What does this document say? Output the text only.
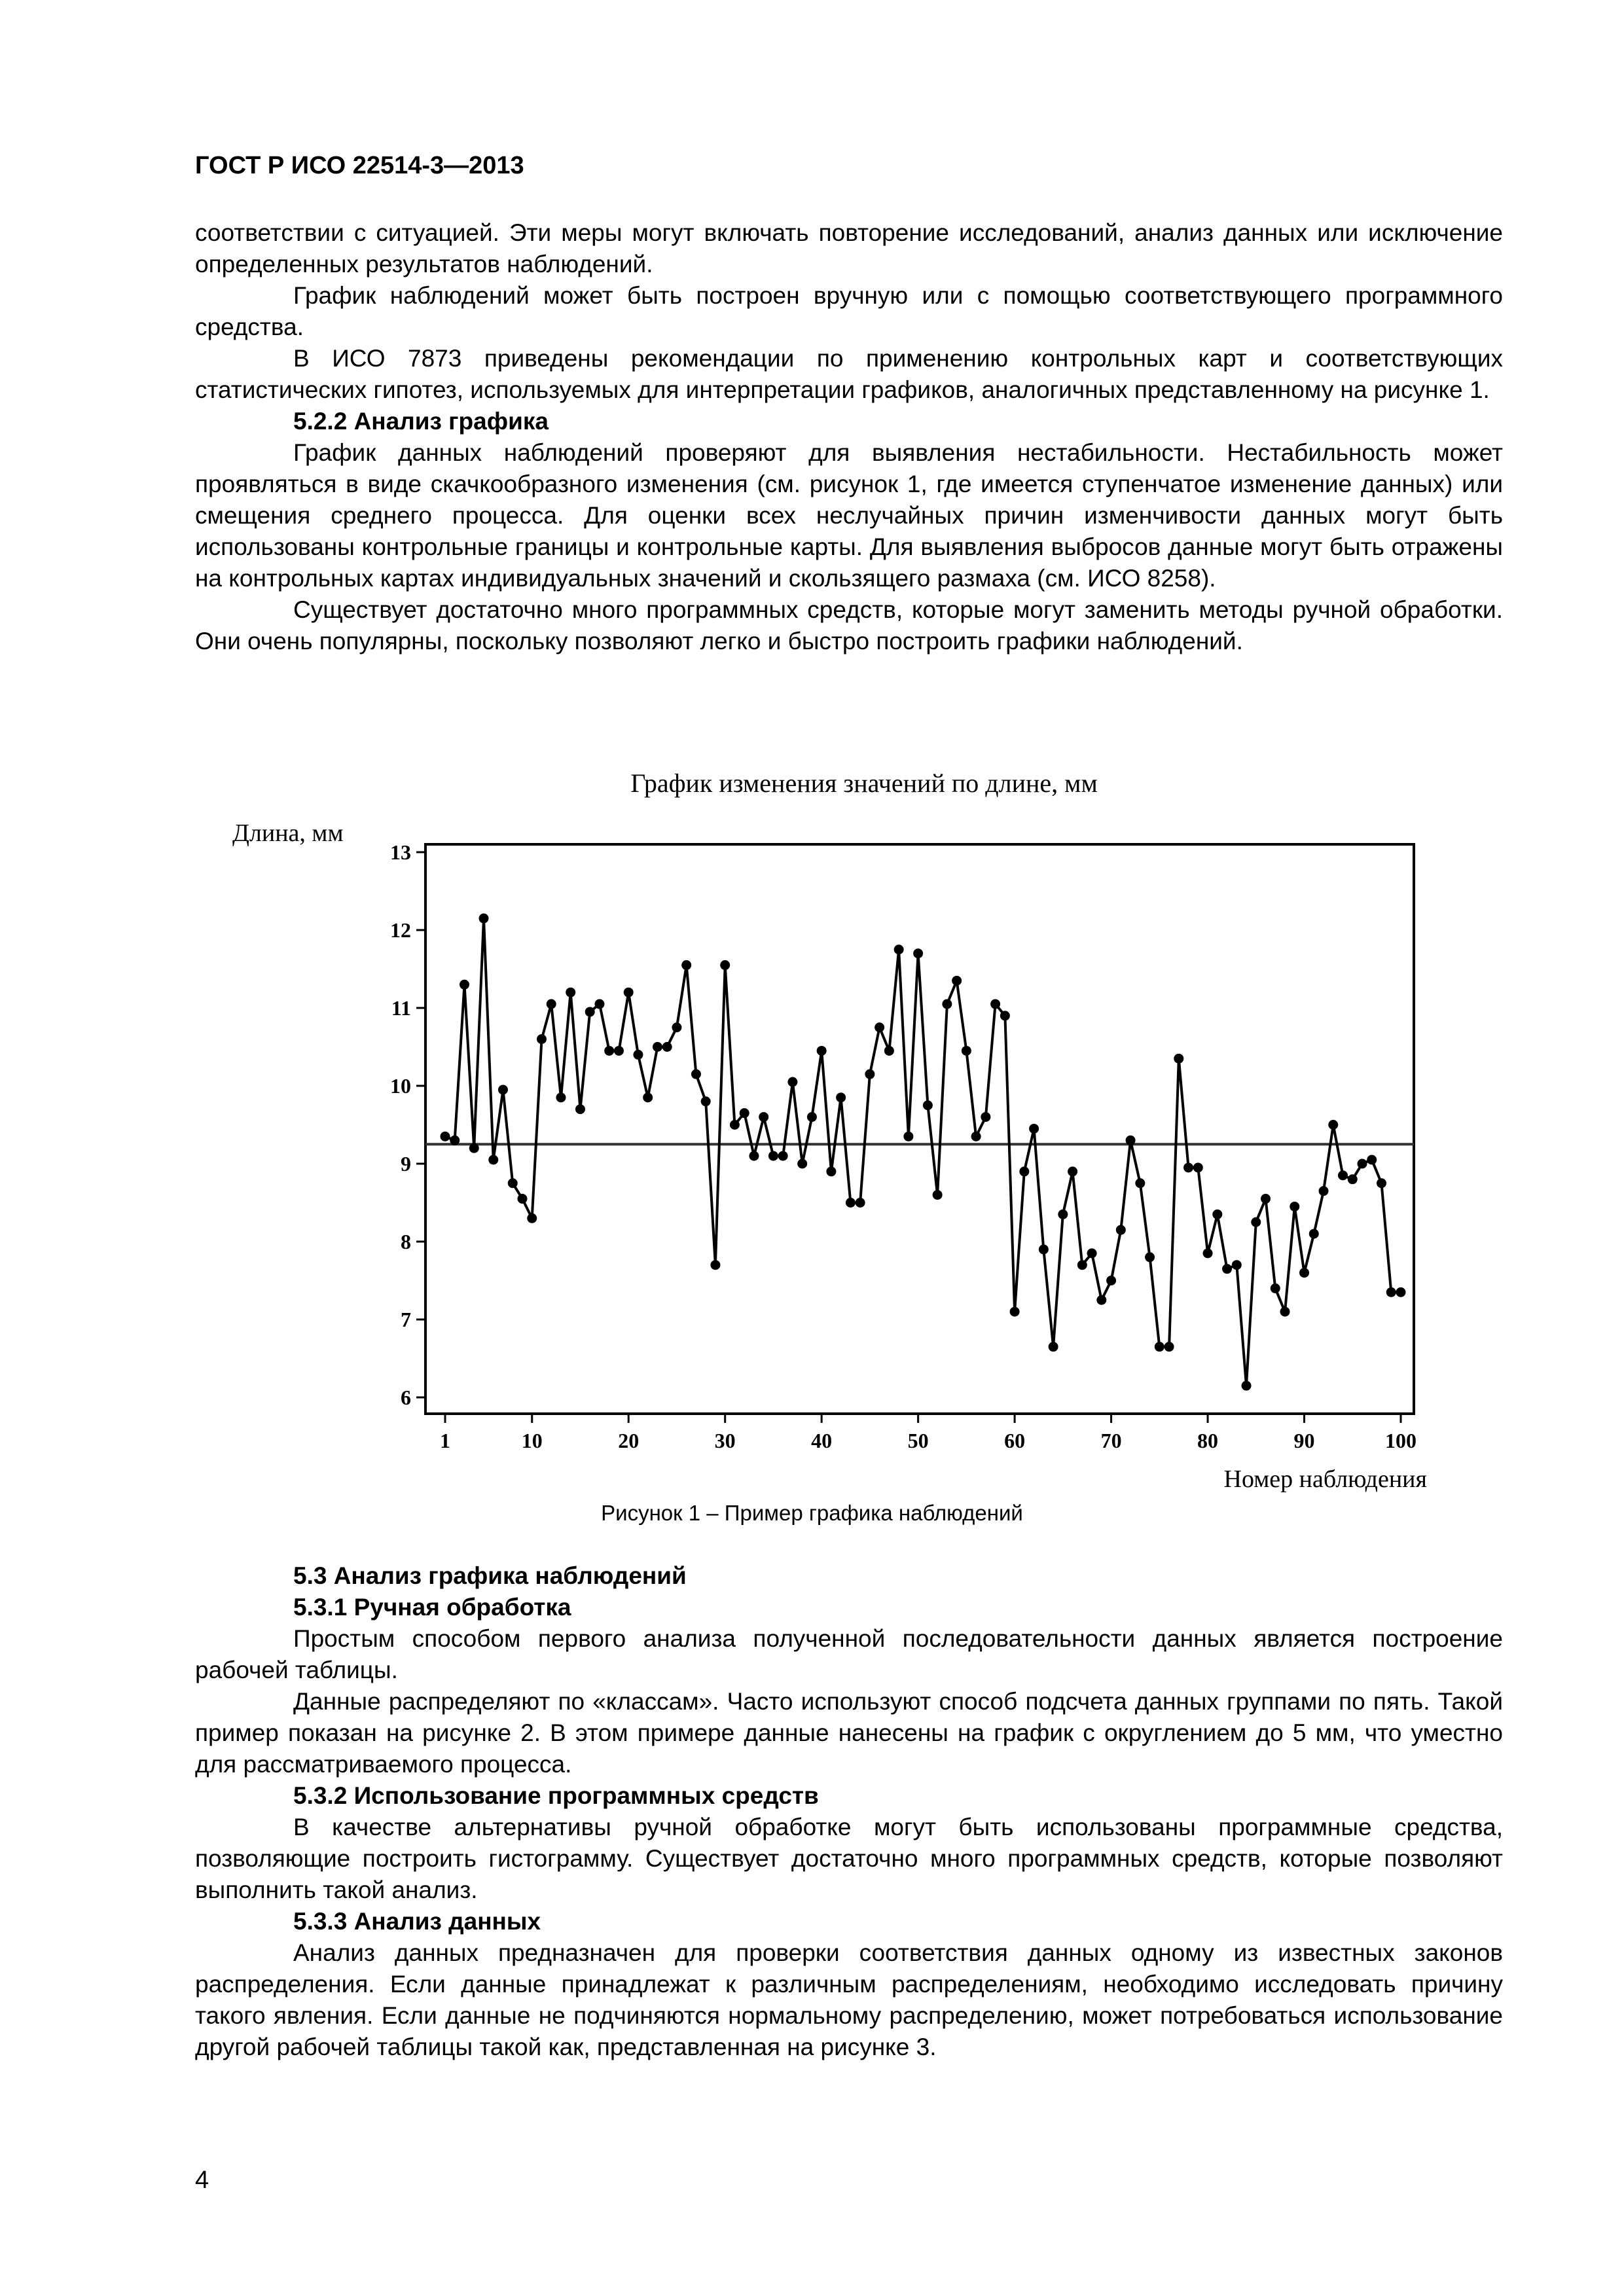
ГОСТ Р ИСО 22514-3—2013

соответствии с ситуацией. Эти меры могут включать повторение исследований, анализ данных или исключение определенных результатов наблюдений.

График наблюдений может быть построен вручную или с помощью соответствующего программного средства.

В ИСО 7873 приведены рекомендации по применению контрольных карт и соответствующих статистических гипотез, используемых для интерпретации графиков, аналогичных представленному на рисунке 1.

5.2.2 Анализ графика

График данных наблюдений проверяют для выявления нестабильности. Нестабильность может проявляться в виде скачкообразного изменения (см. рисунок 1, где имеется ступенчатое изменение данных) или смещения среднего процесса. Для оценки всех неслучайных причин изменчивости данных могут быть использованы контрольные границы и контрольные карты. Для выявления выбросов данные могут быть отражены на контрольных картах индивидуальных значений и скользящего размаха (см. ИСО 8258).

Существует достаточно много программных средств, которые могут заменить методы ручной обработки. Они очень популярны, поскольку позволяют легко и быстро построить графики наблюдений.

График изменения значений по длине, мм
Длина, мм
Номер наблюдения
6
7
8
9
10
11
12
13
1	10	20	30	40	50	60	70	80	90	100
Рисунок 1 – Пример графика наблюдений
5.3 Анализ графика наблюдений
5.3.1 Ручная обработка

Простым способом первого анализа полученной последовательности данных является построение рабочей таблицы.

Данные распределяют по «классам». Часто используют способ подсчета данных группами по пять. Такой пример показан на рисунке 2. В этом примере данные нанесены на график с округлением до 5 мм, что уместно для рассматриваемого процесса.

5.3.2 Использование программных средств

В качестве альтернативы ручной обработке могут быть использованы программные средства, позволяющие построить гистограмму. Существует достаточно много программных средств, которые позволяют выполнить такой анализ.

5.3.3 Анализ данных

Анализ данных предназначен для проверки соответствия данных одному из известных законов распределения. Если данные принадлежат к различным распределениям, необходимо исследовать причину такого явления. Если данные не подчиняются нормальному распределению, может потребоваться использование другой рабочей таблицы такой как, представленная на рисунке 3.

4
